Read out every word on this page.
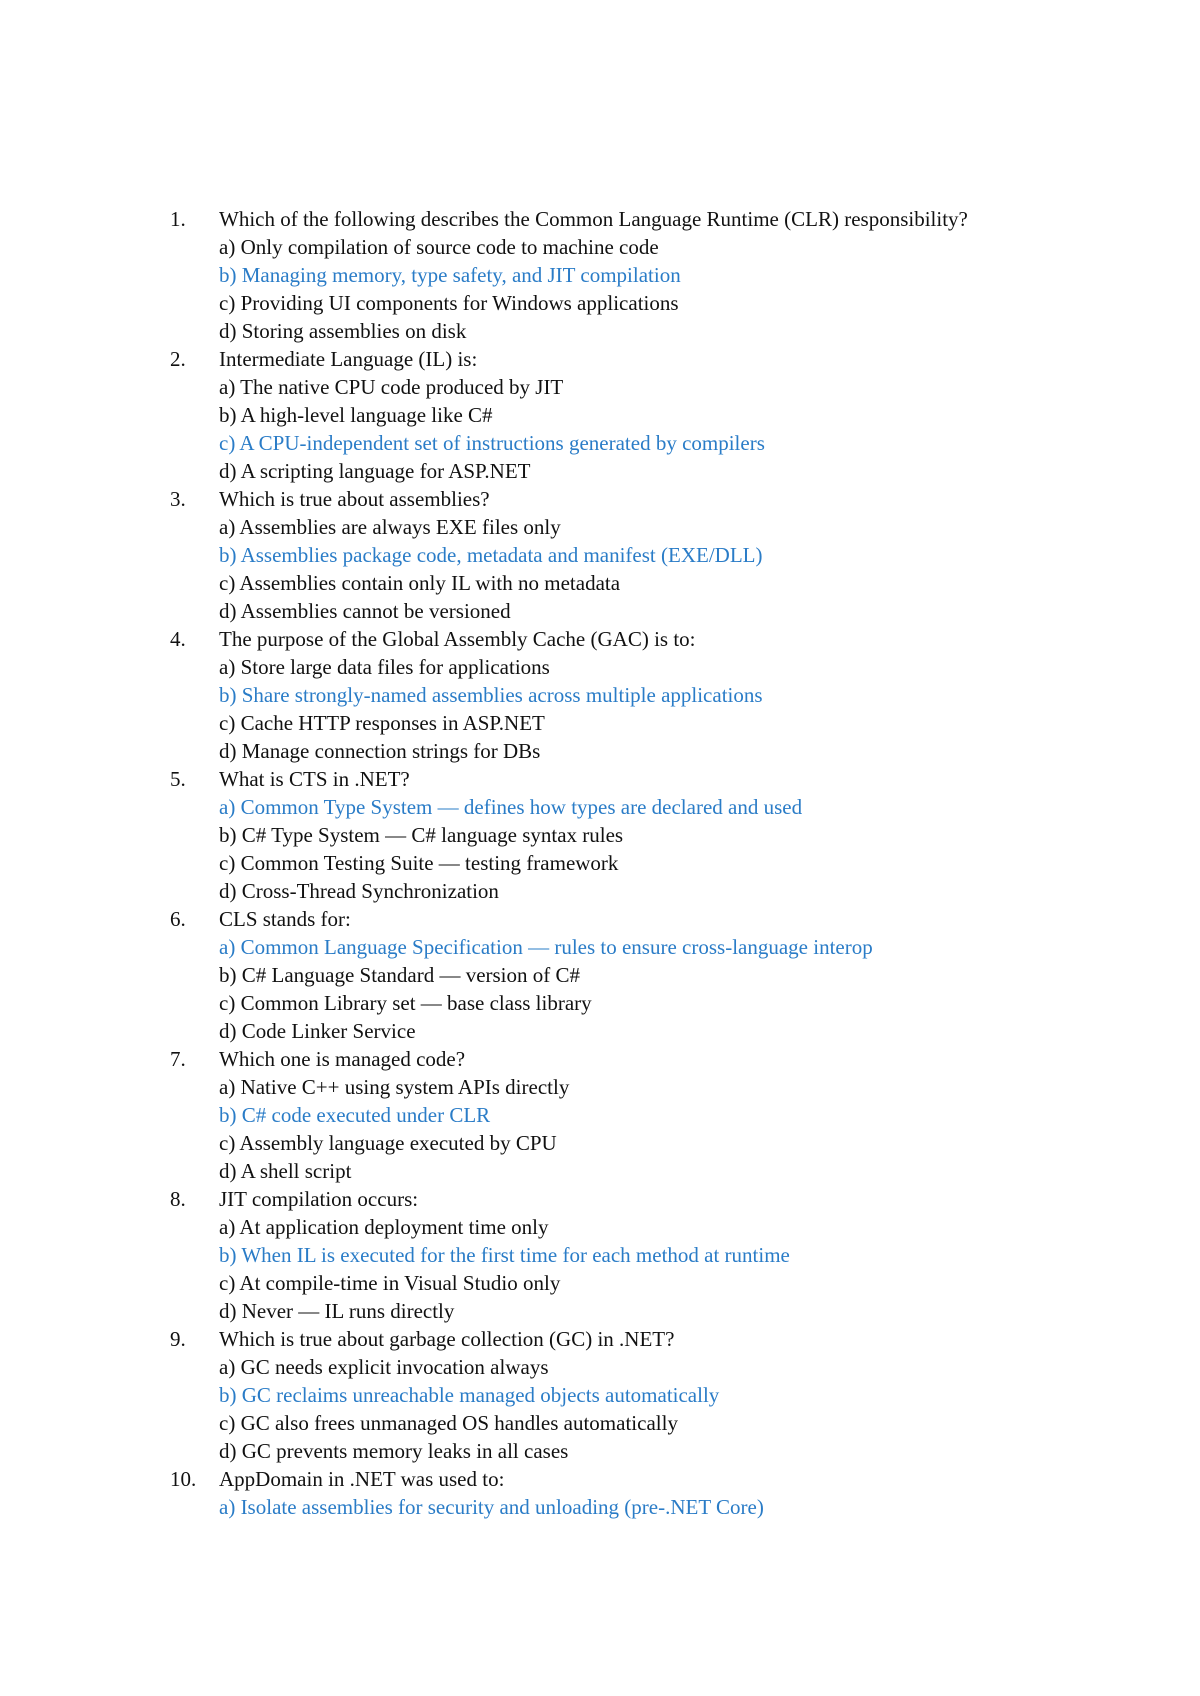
1.	Which of the following describes the Common Language Runtime (CLR) responsibility?
a) Only compilation of source code to machine code
b) Managing memory, type safety, and JIT compilation
c) Providing UI components for Windows applications
d) Storing assemblies on disk
2.	Intermediate Language (IL) is:
a) The native CPU code produced by JIT
b) A high-level language like C#
c) A CPU-independent set of instructions generated by compilers
d) A scripting language for ASP.NET
3.	Which is true about assemblies?
a) Assemblies are always EXE files only
b) Assemblies package code, metadata and manifest (EXE/DLL)
c) Assemblies contain only IL with no metadata
d) Assemblies cannot be versioned
4.	The purpose of the Global Assembly Cache (GAC) is to:
a) Store large data files for applications
b) Share strongly-named assemblies across multiple applications
c) Cache HTTP responses in ASP.NET
d) Manage connection strings for DBs
5.	What is CTS in .NET?
a) Common Type System — defines how types are declared and used
b) C# Type System — C# language syntax rules
c) Common Testing Suite — testing framework
d) Cross-Thread Synchronization
6.	CLS stands for:
a) Common Language Specification — rules to ensure cross-language interop
b) C# Language Standard — version of C#
c) Common Library set — base class library
d) Code Linker Service
7.	Which one is managed code?
a) Native C++ using system APIs directly
b) C# code executed under CLR
c) Assembly language executed by CPU
d) A shell script
8.	JIT compilation occurs:
a) At application deployment time only
b) When IL is executed for the first time for each method at runtime
c) At compile-time in Visual Studio only
d) Never — IL runs directly
9.	Which is true about garbage collection (GC) in .NET?
a) GC needs explicit invocation always
b) GC reclaims unreachable managed objects automatically
c) GC also frees unmanaged OS handles automatically
d) GC prevents memory leaks in all cases
10.	AppDomain in .NET was used to:
a) Isolate assemblies for security and unloading (pre-.NET Core)
